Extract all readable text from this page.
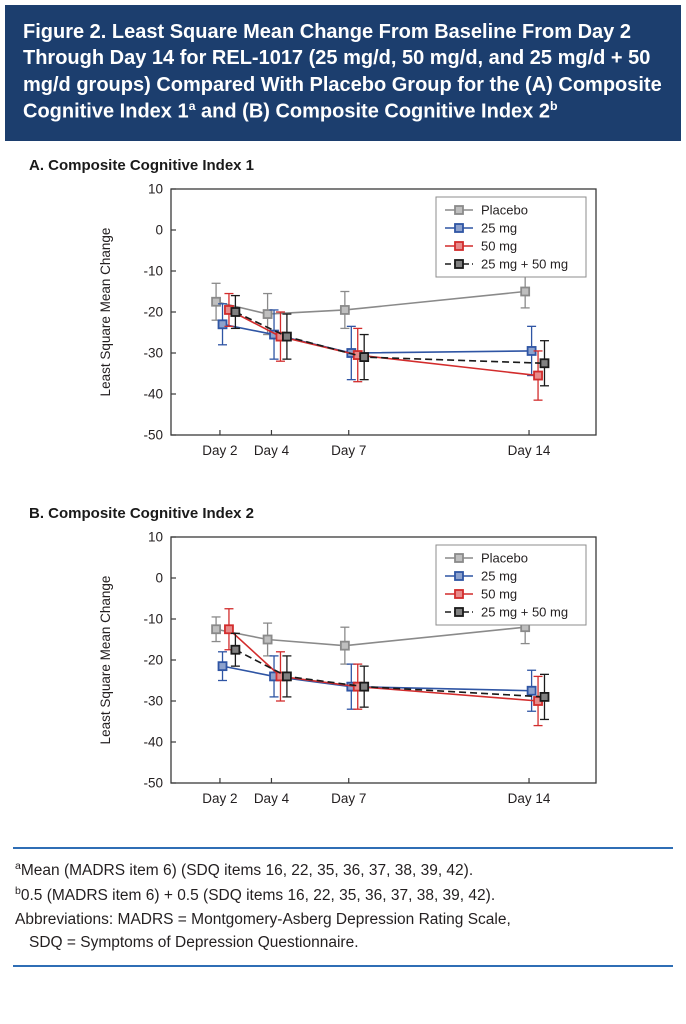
Figure 2. Least Square Mean Change From Baseline From Day 2 Through Day 14 for REL-1017 (25 mg/d, 50 mg/d, and 25 mg/d + 50 mg/d groups) Compared With Placebo Group for the (A) Composite Cognitive Index 1$^a$ and (B) Composite Cognitive Index 2$^b$
A. Composite Cognitive Index 1
10
0
-10
-20
-30
-40
-50
Day 2 Day 4	Day 7	Day 14
Least Square Mean Change
Placebo
25 mg
50 mg
25 mg + 50 mg
B. Composite Cognitive Index 2
10
0
-10
-20
-30
-40
-50
Day 2 Day 4	Day 7	Day 14
Least Square Mean Change
Placebo
25 mg
50 mg
25 mg + 50 mg

$^a$Mean (MADRS item 6) (SDQ items 16, 22, 35, 36, 37, 38, 39, 42).

$^b$0.5 (MADRS item 6) + 0.5 (SDQ items 16, 22, 35, 36, 37, 38, 39, 42).

Abbreviations: MADRS = Montgomery-Asberg Depression Rating Scale,

SDQ = Symptoms of Depression Questionnaire.
